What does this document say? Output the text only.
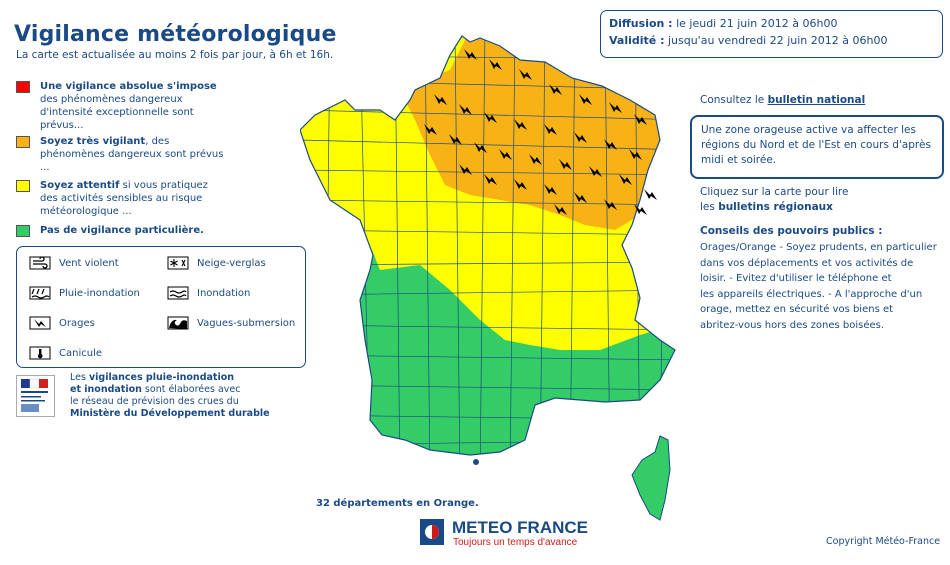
Vigilance météorologique
La carte est actualisée au moins 2 fois par jour, à 6h et 16h.
Une vigilance absolue s'impose
des phénomènes dangereux d'intensité exceptionnelle sont prévus...
Soyez très vigilant, des phénomènes dangereux sont prévus ...
Soyez attentif si vous pratiquez des activités sensibles au risque météorologique ...
Pas de vigilance particulière.
Vent violent	Neige-verglas
Pluie-inondation	Inondation
Orages	Vagues-submersion
Canicule
Les vigilances pluie-inondation
et inondation sont élaborées avec
le réseau de prévision des crues du
Ministère du Développement durable
Diffusion : le jeudi 21 juin 2012 à 06h00
Validité : jusqu'au vendredi 22 juin 2012 à 06h00
Consultez le bulletin national
Une zone orageuse active va affecter les régions du Nord et de l'Est en cours d'après midi et soirée.
Cliquez sur la carte pour lire
les bulletins régionaux
Conseils des pouvoirs publics :
Orages/Orange - Soyez prudents, en particulier
dans vos déplacements et vos activités de
loisir. - Evitez d'utiliser le téléphone et
les appareils électriques. - A l'approche d'un
orage, mettez en sécurité vos biens et
abritez-vous hors des zones boisées.
32 départements en Orange.
METEO FRANCE
Toujours un temps d'avance	Copyright Météo-France
